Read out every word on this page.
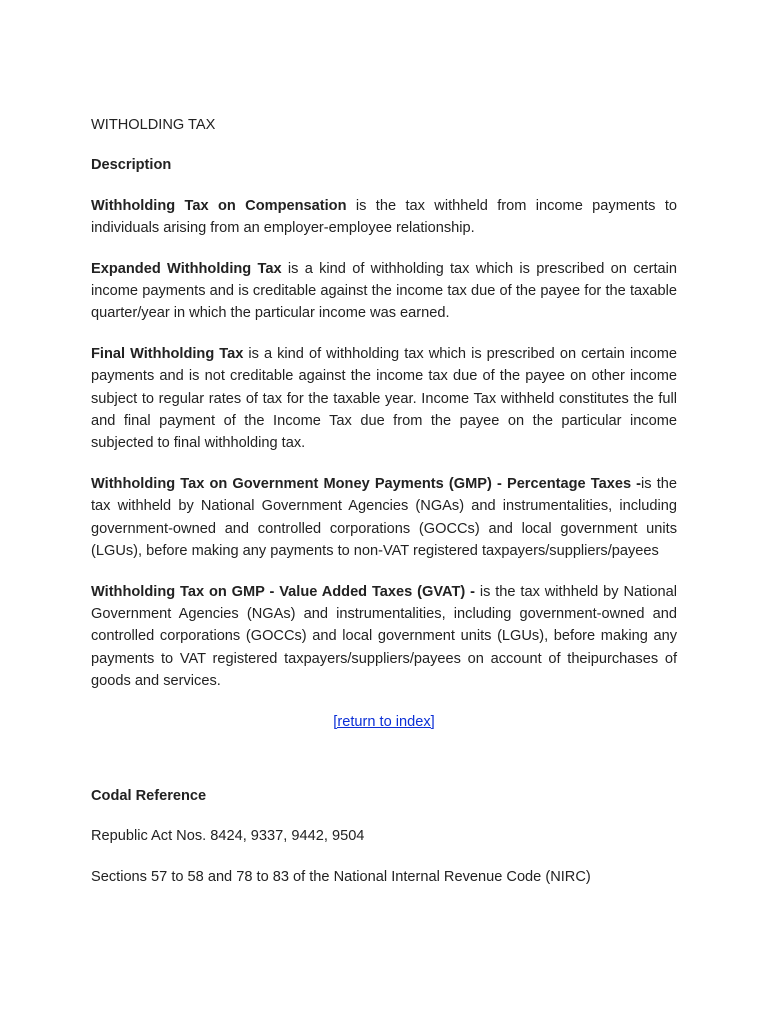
WITHOLDING TAX
Description

Withholding Tax on Compensation is the tax withheld from income payments to individuals arising from an employer-employee relationship.

Expanded Withholding Tax is a kind of withholding tax which is prescribed on certain income payments and is creditable against the income tax due of the payee for the taxable quarter/year in which the particular income was earned.

Final Withholding Tax is a kind of withholding tax which is prescribed on certain income payments and is not creditable against the income tax due of the payee on other income subject to regular rates of tax for the taxable year. Income Tax withheld constitutes the full and final payment of the Income Tax due from the payee on the particular income subjected to final withholding tax.

Withholding Tax on Government Money Payments (GMP) - Percentage Taxes -is the tax withheld by National Government Agencies (NGAs) and instrumentalities, including government-owned and controlled corporations (GOCCs) and local government units (LGUs), before making any payments to non-VAT registered taxpayers/suppliers/payees

Withholding Tax on GMP - Value Added Taxes (GVAT) - is the tax withheld by National Government Agencies (NGAs) and instrumentalities, including government-owned and controlled corporations (GOCCs) and local government units (LGUs), before making any payments to VAT registered taxpayers/suppliers/payees on account of theipurchases of goods and services.

[return to index]
Codal Reference

Republic Act Nos. 8424, 9337, 9442, 9504

Sections 57 to 58 and 78 to 83 of the National Internal Revenue Code (NIRC)
